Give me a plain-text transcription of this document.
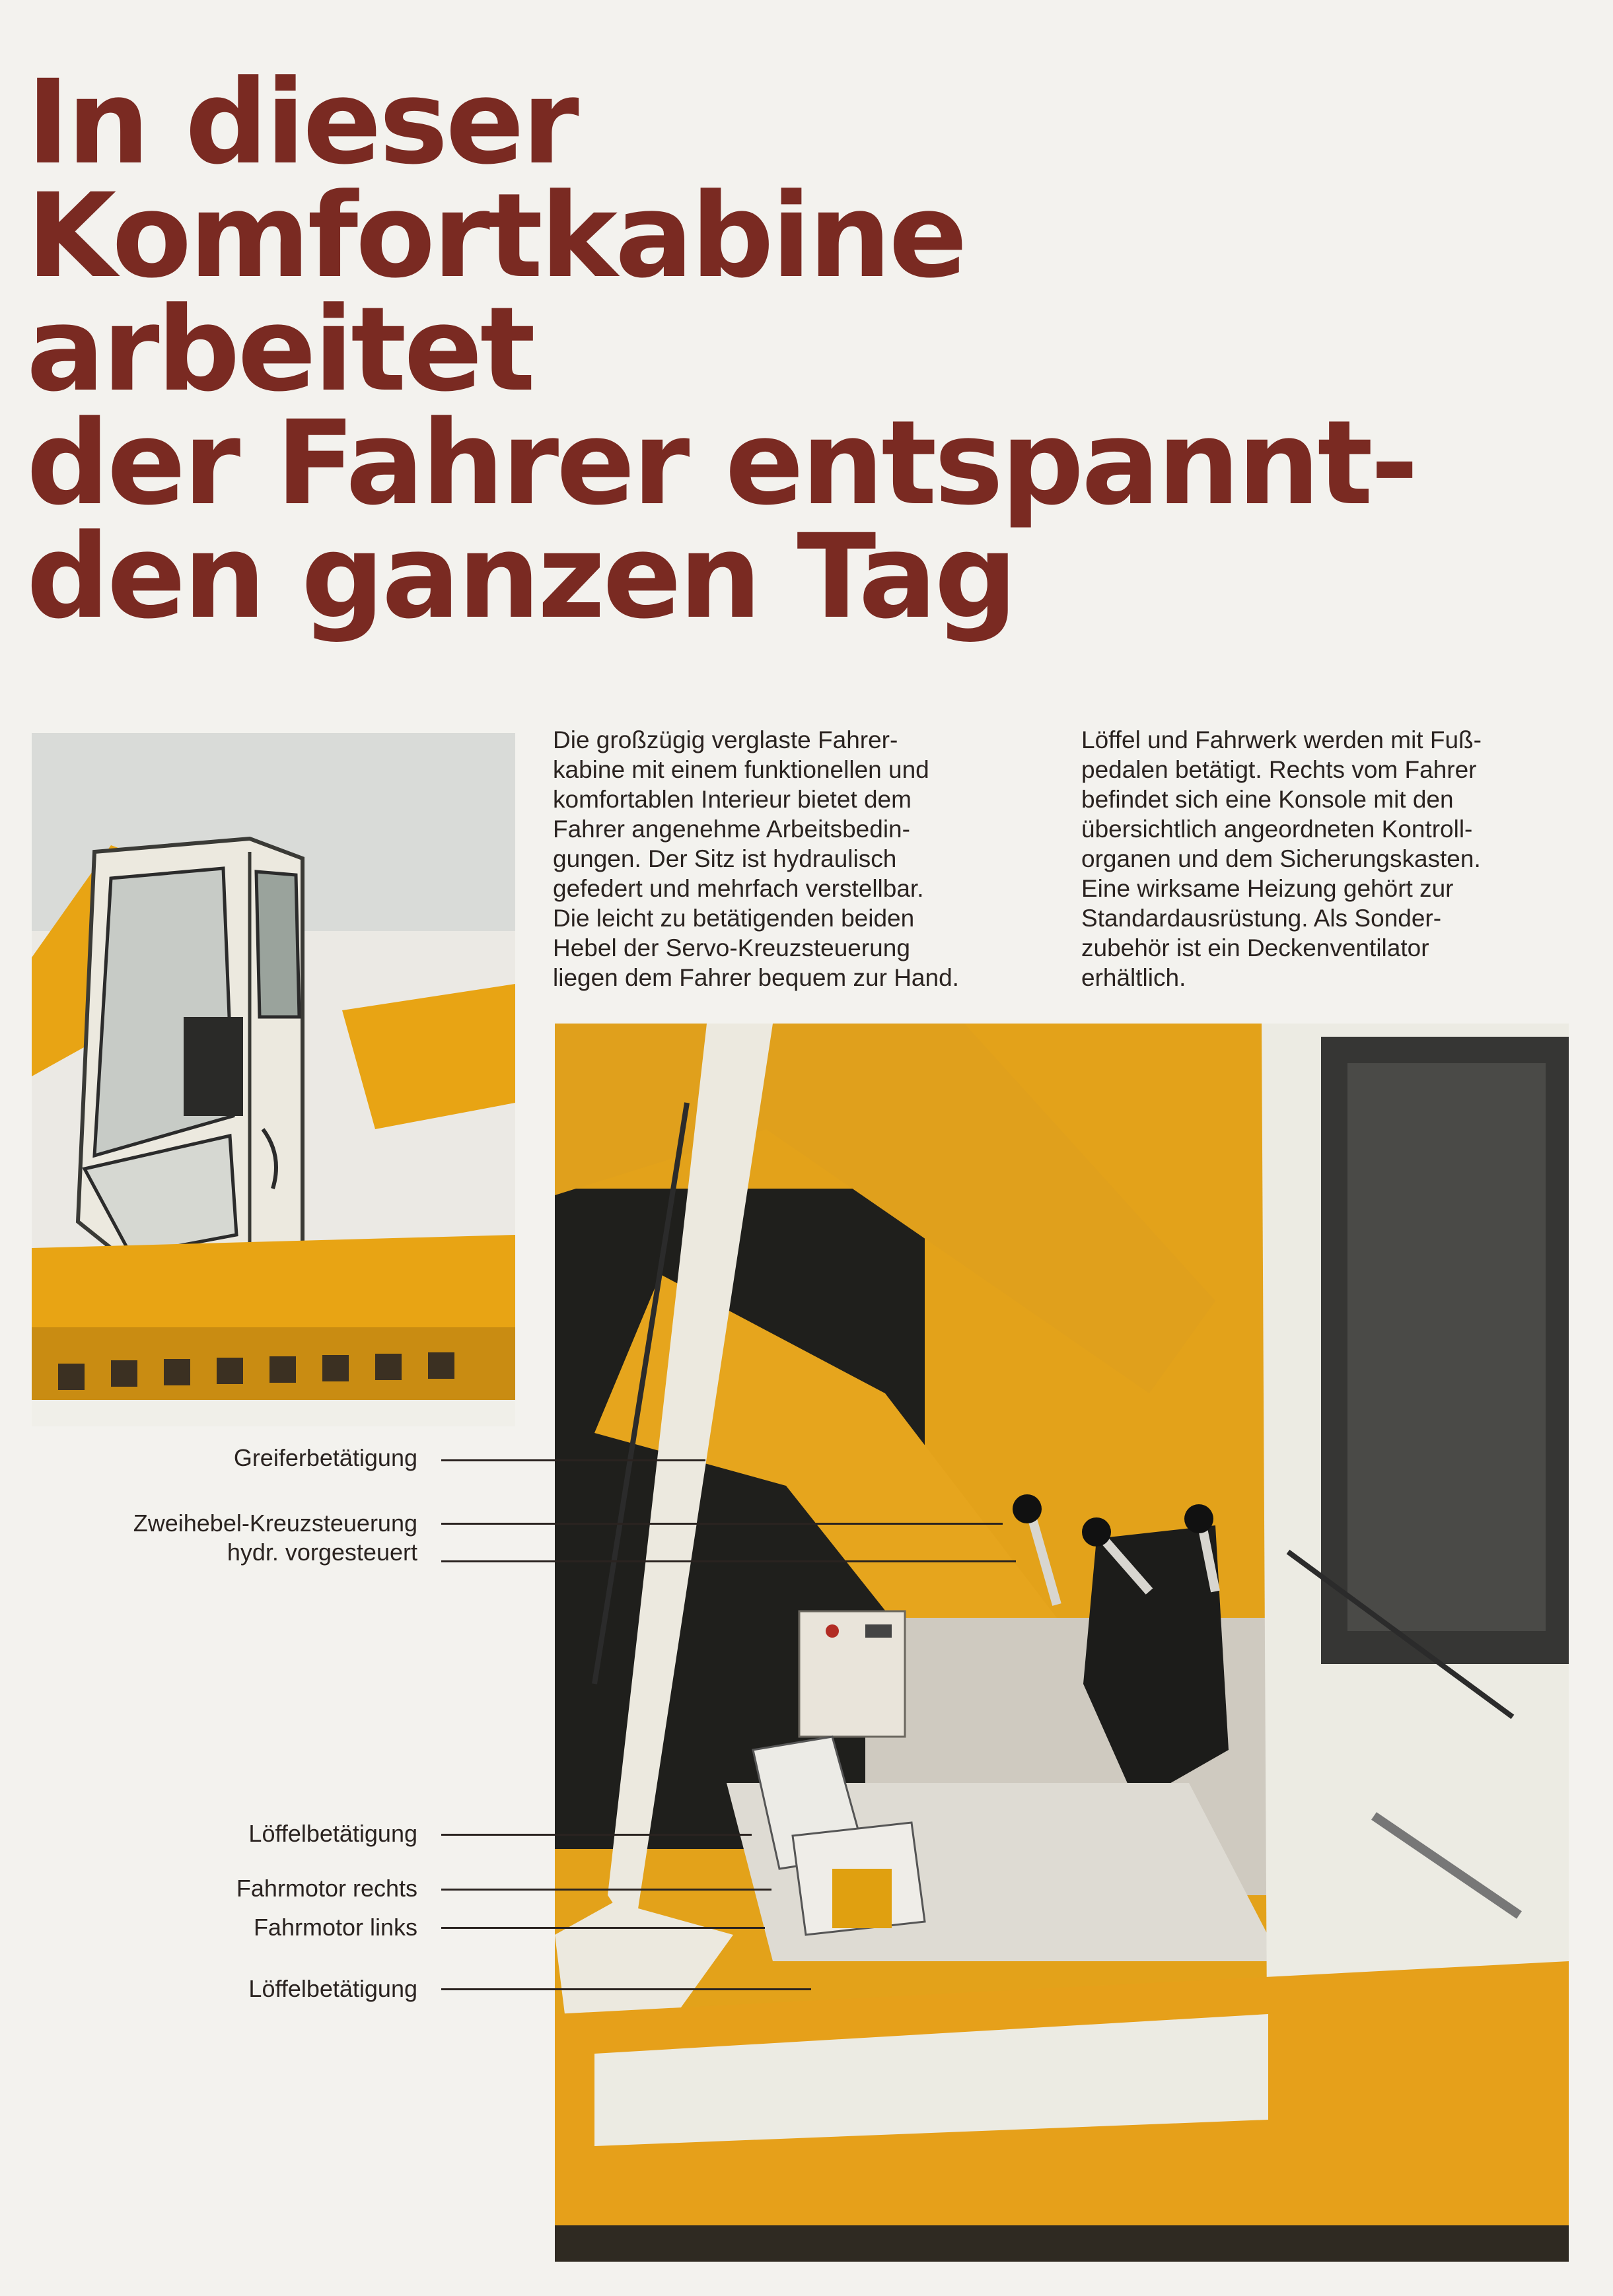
In dieser Komfortkabine
arbeitet
der Fahrer entspannt-
den ganzen Tag

Die großzügig verglaste Fahrer-
kabine mit einem funktionellen und
komfortablen Interieur bietet dem
Fahrer angenehme Arbeitsbedin-
gungen. Der Sitz ist hydraulisch
gefedert und mehrfach verstellbar.
Die leicht zu betätigenden beiden
Hebel der Servo-Kreuzsteuerung
liegen dem Fahrer bequem zur Hand.

Löffel und Fahrwerk werden mit Fuß-
pedalen betätigt. Rechts vom Fahrer
befindet sich eine Konsole mit den
übersichtlich angeordneten Kontroll-
organen und dem Sicherungskasten.
Eine wirksame Heizung gehört zur
Standardausrüstung. Als Sonder-
zubehör ist ein Deckenventilator
erhältlich.

Greiferbetätigung
Zweihebel-Kreuzsteuerung
hydr. vorgesteuert
Löffelbetätigung
Fahrmotor rechts
Fahrmotor links
Löffelbetätigung
